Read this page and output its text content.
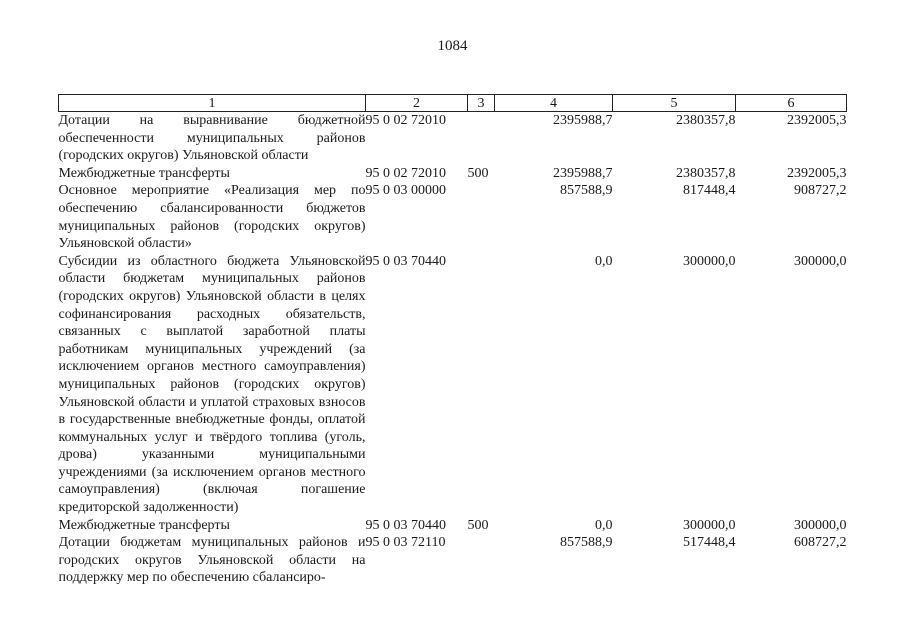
1084
1	2	3	4	5	6
Дотации на выравнивание бюджетной обеспеченности муниципальных районов (городских округов) Ульяновской области	95 0 02 72010		2395988,7	2380357,8	2392005,3
Межбюджетные трансферты	95 0 02 72010	500	2395988,7	2380357,8	2392005,3
Основное мероприятие «Реализация мер по обеспечению сбалансированности бюджетов муниципальных районов (городских округов) Ульяновской области»	95 0 03 00000		857588,9	817448,4	908727,2
Субсидии из областного бюджета Ульяновской области бюджетам муниципальных районов (городских округов) Ульяновской области в целях софинансирования расходных обязательств, связанных с выплатой заработной платы работникам муниципальных учреждений (за исключением органов местного самоуправления) муниципальных районов (городских округов) Ульяновской области и уплатой страховых взносов в государственные внебюджетные фонды, оплатой коммунальных услуг и твёрдого топлива (уголь, дрова) указанными муниципальными учреждениями (за исключением органов местного самоуправления) (включая погашение кредиторской задолженности)	95 0 03 70440		0,0	300000,0	300000,0
Межбюджетные трансферты	95 0 03 70440	500	0,0	300000,0	300000,0

Дотации бюджетам муниципальных районов и городских округов Ульяновской области на поддержку мер по обеспечению сбалансиро-	95 0 03 72110		857588,9	517448,4	608727,2
